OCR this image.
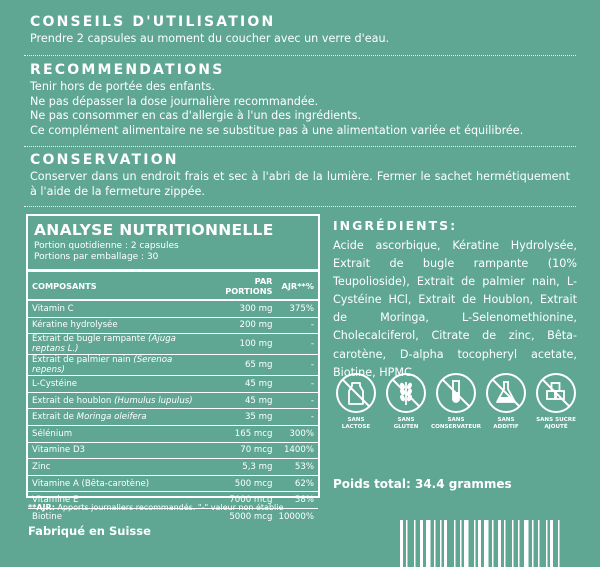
CONSEILS D'UTILISATION
Prendre 2 capsules au moment du coucher avec un verre d'eau.
RECOMMENDATIONS
Tenir hors de portée des enfants.
Ne pas dépasser la dose journalière recommandée.
Ne pas consommer en cas d'allergie à l'un des ingrédients.
Ce complément alimentaire ne se substitue pas à une alimentation variée et équilibrée.
CONSERVATION
Conserver dans un endroit frais et sec à l'abri de la lumière. Fermer le sachet hermétiquement à l'aide de la fermeture zippée.
ANALYSE NUTRITIONNELLE
Portion quotidienne : 2 capsules
Portions par emballage : 30
COMPOSANTS	PAR PORTIONS	AJR**%
Vitamin C	300 mg	375%
Kératine hydrolysée	200 mg	-
Extrait de bugle rampante (Ajuga reptans L.)	100 mg	-
Extrait de palmier nain (Serenoa repens)	65 mg	-
L-Cystéine	45 mg	-
Extrait de houblon (Humulus lupulus)	45 mg	-
Extrait de Moringa oleifera	35 mg	-
Sélénium	165 mcg	300%
Vitamine D3	70 mcg	1400%
Zinc	5,3 mg	53%
Vitamine A (Bêta-carotène)	500 mcg	62%
Vitamine E	7000 mcg	58%
Biotine	5000 mcg	10000%
**AJR: Apports journaliers recommandés. "-" valeur non établie
INGRÉDIENTS:
Acide ascorbique, Kératine Hydrolysée, Extrait de bugle rampante (10% Teupolioside), Extrait de palmier nain, L-Cystéine HCl, Extrait de Houblon, Extrait de Moringa, L-Selenomethionine, Cholecalciferol, Citrate de zinc, Bêta-carotène, D-alpha tocopheryl acetate, Biotine, HPMC.
SANS
LACTOSE
SANS
GLUTEN
SANS
CONSERVATEUR
SANS
ADDITIF
SANS SUCRE
AJOUTÉ
Poids total: 34.4 grammes
Fabriqué en Suisse
